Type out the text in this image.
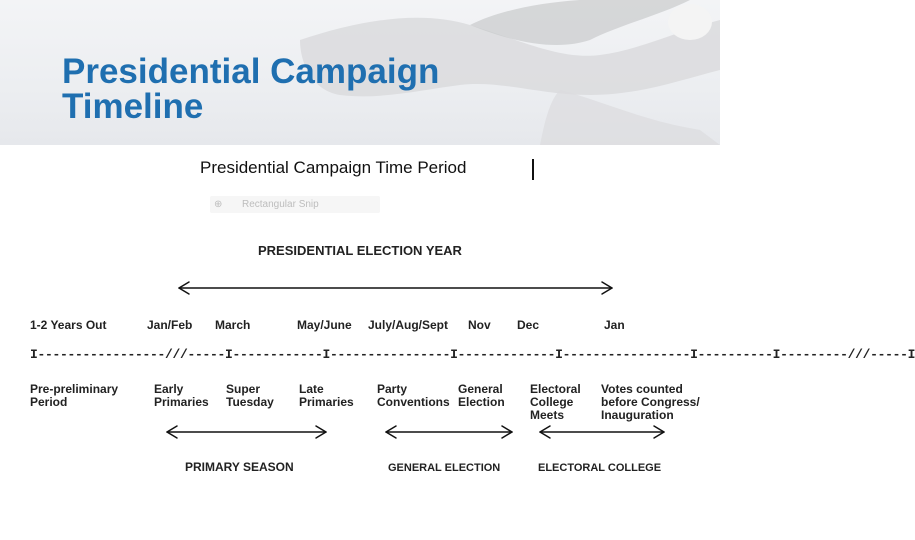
Presidential Campaign
Timeline
Presidential Campaign Time Period
⊕ Rectangular Snip
PRESIDENTIAL ELECTION YEAR
1-2 Years Out	Jan/Feb March	May/June July/Aug/Sept Nov Dec	Jan
I-----------------///-----I------------I----------------I-------------I-----------------I----------I---------///-----I
Pre-preliminary
Period
Early
Primaries
Super
Tuesday
Late
Primaries
Party
Conventions
General
Election
Electoral
College
Meets
Votes counted
before Congress/
Inauguration
PRIMARY SEASON	GENERAL ELECTION	ELECTORAL COLLEGE
